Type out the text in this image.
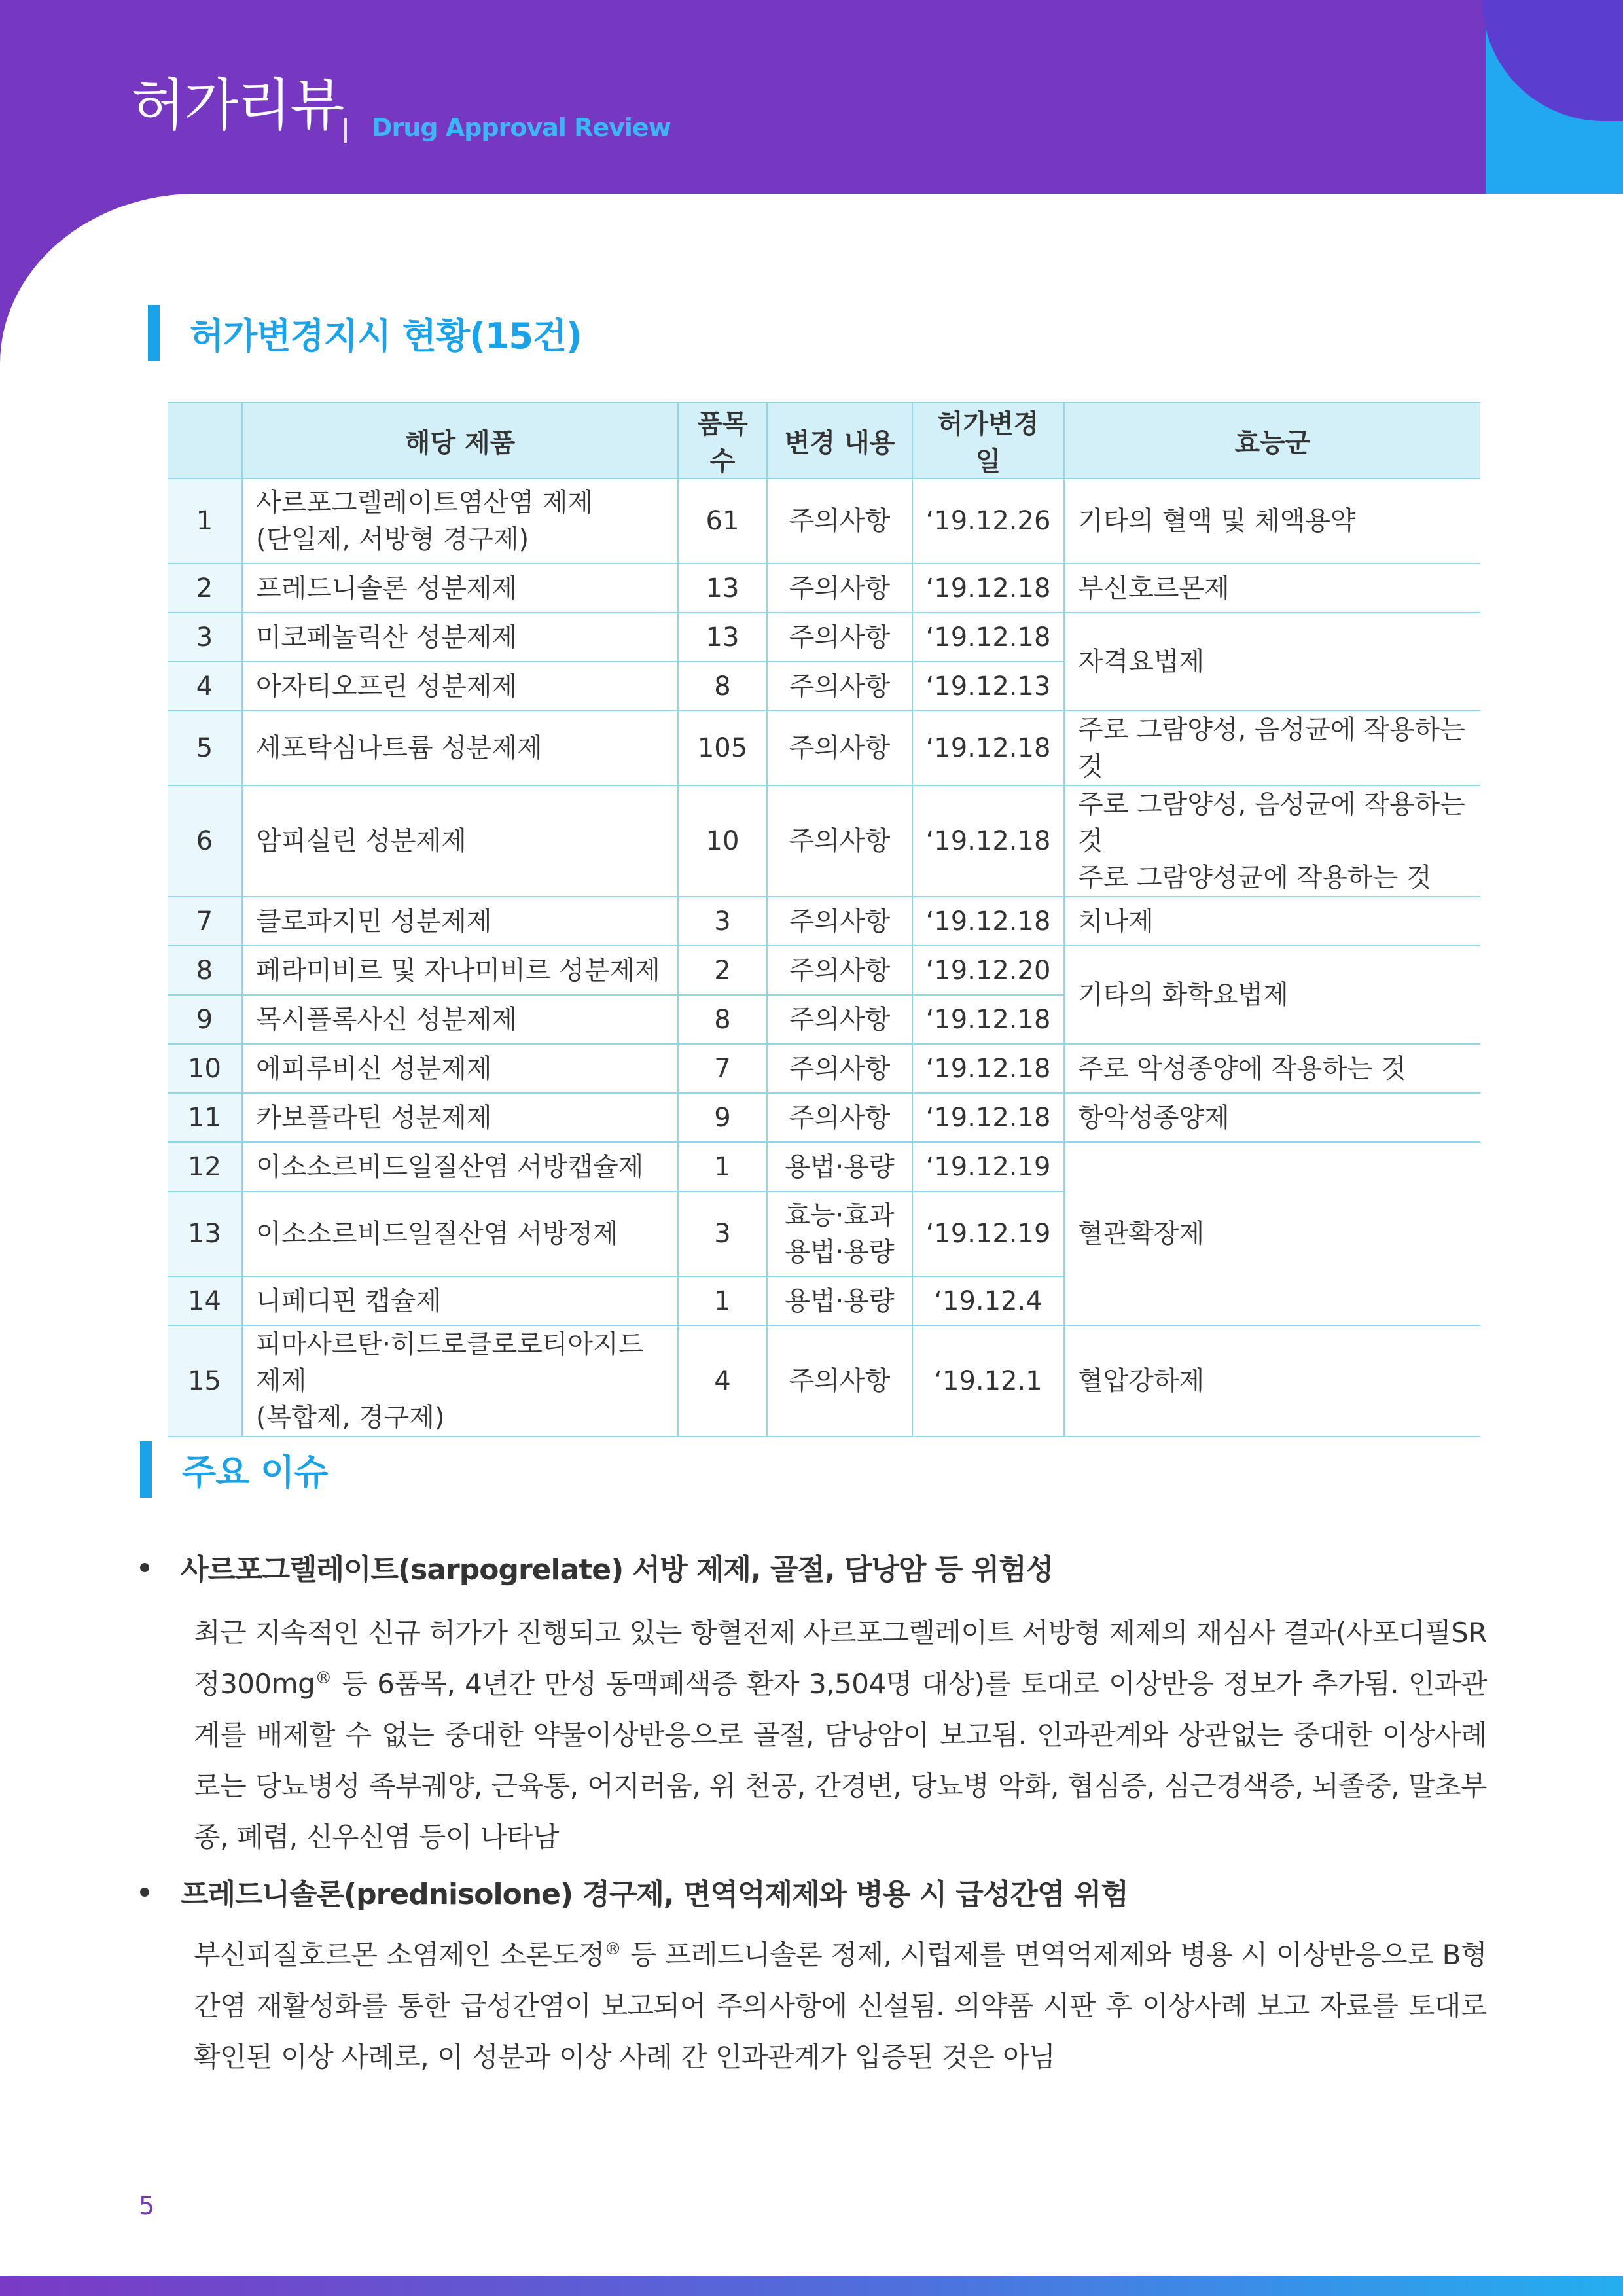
허가리뷰 Drug Approval Review
허가변경지시 현황(15건)
	해당 제품	품목수	변경 내용	허가변경일	효능군
1	사르포그렐레이트염산염 제제
(단일제, 서방형 경구제)	61	주의사항	‘19.12.26	기타의 혈액 및 체액용약

2	프레드니솔론 성분제제	13	주의사항	‘19.12.18	부신호르몬제

3	미코페놀릭산 성분제제	13	주의사항	‘19.12.18	자격요법제

4	아자티오프린 성분제제	8	주의사항	‘19.12.13	
5	세포탁심나트륨 성분제제	105	주의사항	‘19.12.18	주로 그람양성, 음성균에 작용하는 것

6	암피실린 성분제제	10	주의사항	‘19.12.18	주로 그람양성, 음성균에 작용하는 것
주로 그람양성균에 작용하는 것

7	클로파지민 성분제제	3	주의사항	‘19.12.18	치나제

8	페라미비르 및 자나미비르 성분제제	2	주의사항	‘19.12.20	기타의 화학요법제

9	목시플록사신 성분제제	8	주의사항	‘19.12.18	
10	에피루비신 성분제제	7	주의사항	‘19.12.18	주로 악성종양에 작용하는 것

11	카보플라틴 성분제제	9	주의사항	‘19.12.18	항악성종양제

12	이소소르비드일질산염 서방캡슐제	1	용법·용량	‘19.12.19	혈관확장제

13	이소소르비드일질산염 서방정제	3	효능·효과
용법·용량	‘19.12.19	
14	니페디핀 캡슐제	1	용법·용량	‘19.12.4	
15	피마사르탄·히드로클로로티아지드 제제
(복합제, 경구제)	4	주의사항	‘19.12.1	혈압강하제
주요 이슈
사르포그렐레이트(sarpogrelate) 서방 제제, 골절, 담낭암 등 위험성
최근 지속적인 신규 허가가 진행되고 있는 항혈전제 사르포그렐레이트 서방형 제제의 재심사 결과(사포디필SR정300mg® 등 6품목, 4년간 만성 동맥폐색증 환자 3,504명 대상)를 토대로 이상반응 정보가 추가됨. 인과관계를 배제할 수 없는 중대한 약물이상반응으로 골절, 담낭암이 보고됨. 인과관계와 상관없는 중대한 이상사례로는 당뇨병성 족부궤양, 근육통, 어지러움, 위 천공, 간경변, 당뇨병 악화, 협심증, 심근경색증, 뇌졸중, 말초부종, 폐렴, 신우신염 등이 나타남
프레드니솔론(prednisolone) 경구제, 면역억제제와 병용 시 급성간염 위험
부신피질호르몬 소염제인 소론도정® 등 프레드니솔론 정제, 시럽제를 면역억제제와 병용 시 이상반응으로 B형 간염 재활성화를 통한 급성간염이 보고되어 주의사항에 신설됨. 의약품 시판 후 이상사례 보고 자료를 토대로 확인된 이상 사례로, 이 성분과 이상 사례 간 인과관계가 입증된 것은 아님
5
